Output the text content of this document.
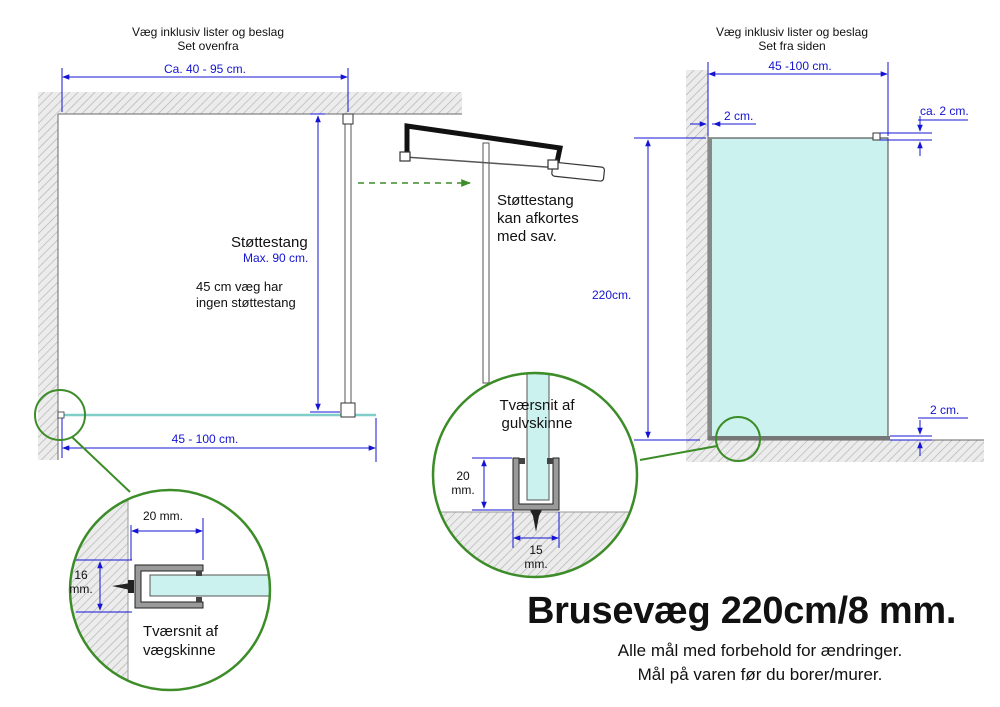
Væg inklusiv lister og beslag
Set ovenfra
Ca. 40 - 95 cm.
Støttestang
Max. 90 cm.
45 cm væg har
ingen støttestang
45 - 100 cm.
Støttestang
kan afkortes
med sav.
Væg inklusiv lister og beslag
Set fra siden
45 -100 cm.
2 cm.	ca. 2 cm.
220cm.
2 cm.
20 mm.
16
mm.
Tværsnit af
vægskinne
Tværsnit af
gulvskinne
20
mm.
15
mm.
Brusevæg 220cm/8 mm.
Alle mål med forbehold for ændringer.
Mål på varen før du borer/murer.
